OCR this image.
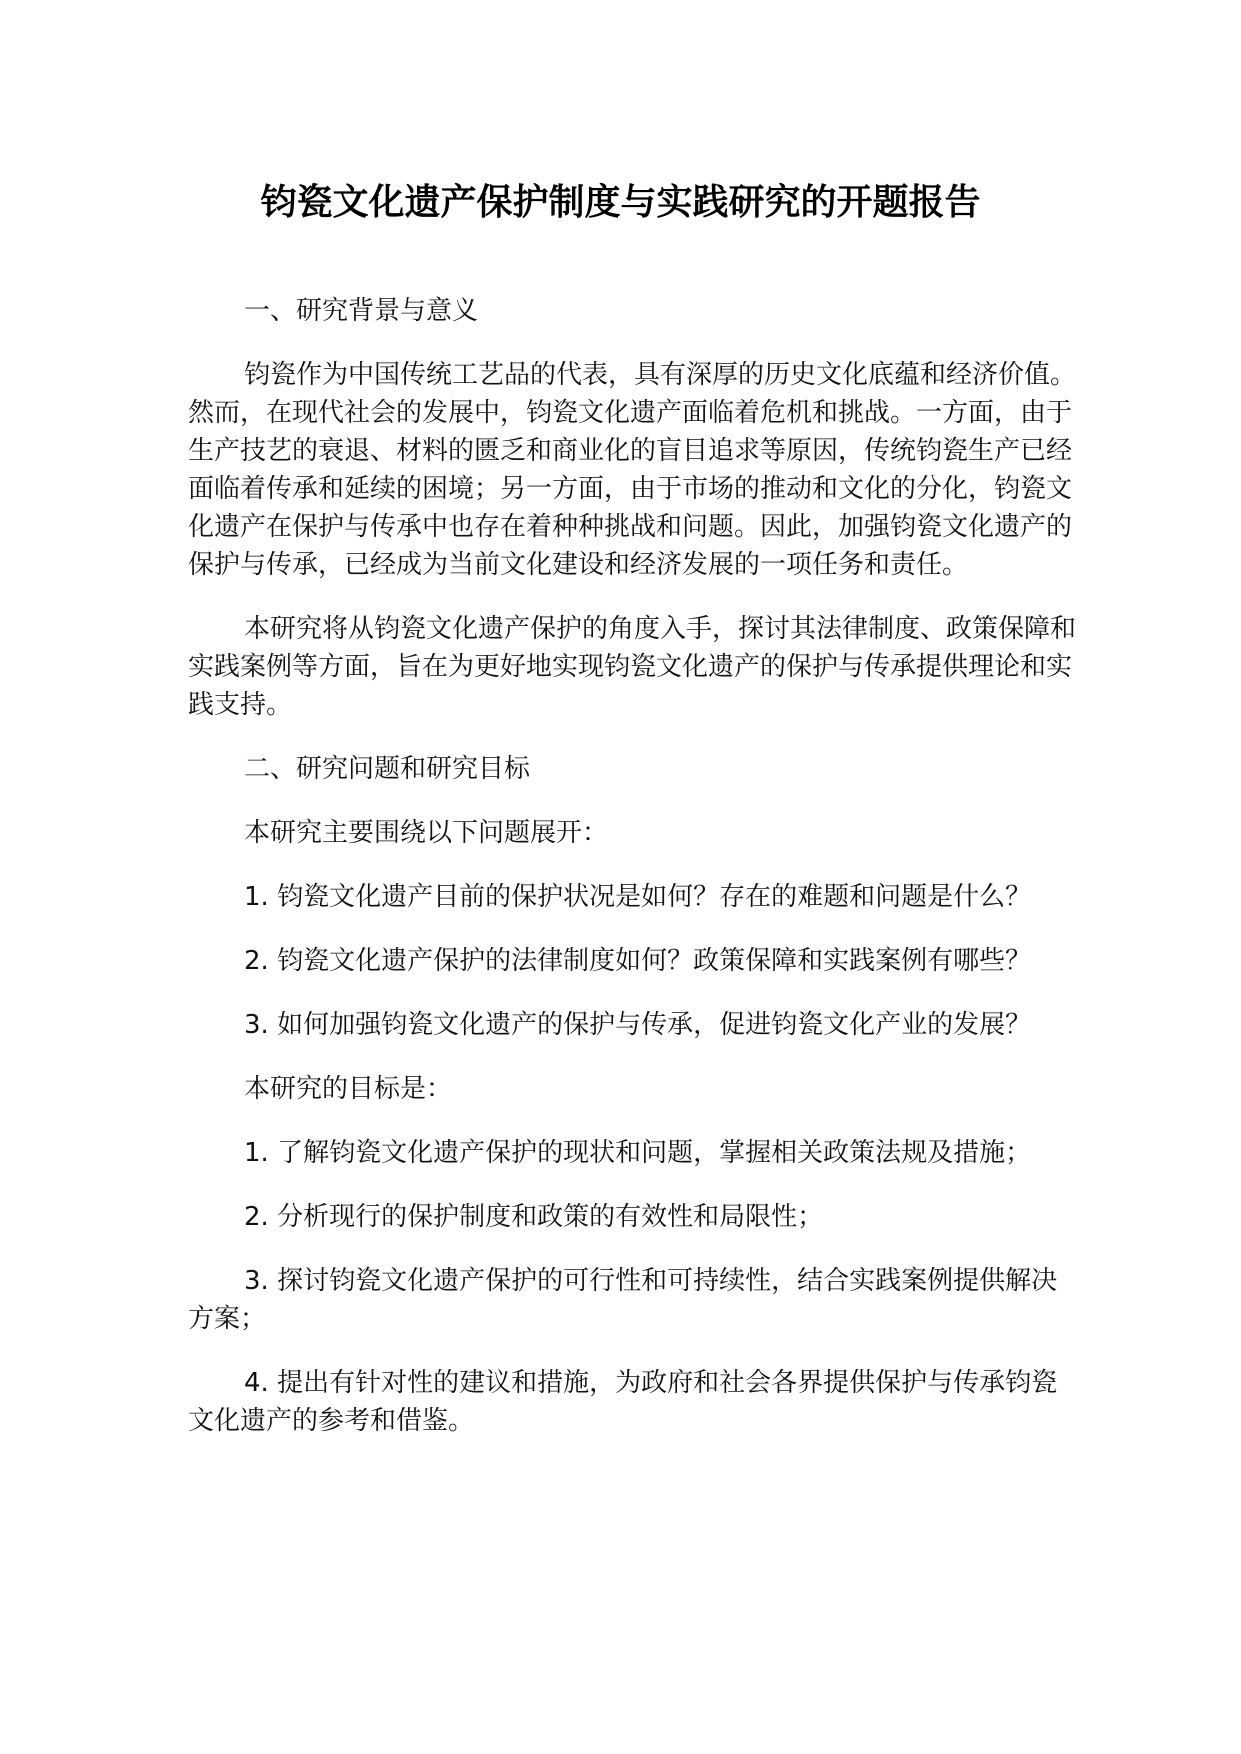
钧瓷文化遗产保护制度与实践研究的开题报告

一、研究背景与意义

钧瓷作为中国传统工艺品的代表，具有深厚的历史文化底蕴和经济价值。然而，在现代社会的发展中，钧瓷文化遗产面临着危机和挑战。一方面，由于生产技艺的衰退、材料的匮乏和商业化的盲目追求等原因，传统钧瓷生产已经面临着传承和延续的困境；另一方面，由于市场的推动和文化的分化，钧瓷文化遗产在保护与传承中也存在着种种挑战和问题。因此，加强钧瓷文化遗产的保护与传承，已经成为当前文化建设和经济发展的一项任务和责任。

本研究将从钧瓷文化遗产保护的角度入手，探讨其法律制度、政策保障和实践案例等方面，旨在为更好地实现钧瓷文化遗产的保护与传承提供理论和实践支持。

二、研究问题和研究目标

本研究主要围绕以下问题展开：

1. 钧瓷文化遗产目前的保护状况是如何？存在的难题和问题是什么？

2. 钧瓷文化遗产保护的法律制度如何？政策保障和实践案例有哪些？

3. 如何加强钧瓷文化遗产的保护与传承，促进钧瓷文化产业的发展？

本研究的目标是：

1. 了解钧瓷文化遗产保护的现状和问题，掌握相关政策法规及措施；

2. 分析现行的保护制度和政策的有效性和局限性；

3. 探讨钧瓷文化遗产保护的可行性和可持续性，结合实践案例提供解决方案；

4. 提出有针对性的建议和措施，为政府和社会各界提供保护与传承钧瓷文化遗产的参考和借鉴。
